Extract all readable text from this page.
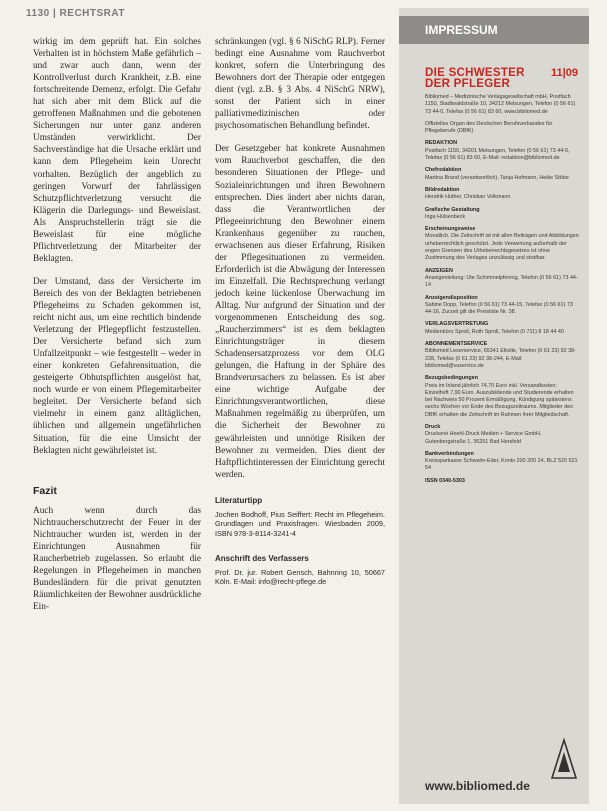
1130 | RECHTSRAT

wirkig im dem geprüft hat. Ein solches Verhalten ist in höchstem Maße gefährlich – und zwar auch dann, wenn der Kontrollverlust durch Krankheit, z.B. eine fortschreitende Demenz, erfolgt. Die Gefahr hat sich aber mit dem Blick auf die getroffenen Maßnahmen und die gebotenen Sicherungen nur unter ganz anderen Umständen verwirklicht. Der Sachverständige hat die Ursache erklärt und kann dem Pflegeheim kein Unrecht vorhalten. Bezüglich der angeblich zu geringen Vorwurf der fahrlässigen Schutzpflichtverletzung versucht die Klägerin die Darlegungs- und Beweislast. Als Anspruchstellerin trägt sie die Beweislast für eine mögliche Pflichtverletzung der Mitarbeiter der Beklagten.

Der Umstand, dass der Versicherte im Bereich des von der Beklagten betriebenen Pflegeheims zu Schaden gekommen ist, reicht nicht aus, um eine rechtlich bindende Verletzung der Pflegepflicht festzustellen. Der Versicherte befand sich zum Unfallzeitpunkt – wie festgestellt – weder in einer konkreten Gefahrensituation, die gesteigerte Obhutspflichten ausgelöst hat, noch wurde er von einem Pflegemitarbeiter begleitet. Der Versicherte befand sich vielmehr in einem ganz alltäglichen, üblichen und allgemein ungefährlichen Situation, für die eine Umsicht der Beklagten nicht gewährleistet ist.

Fazit

Auch wenn durch das Nichtraucherschutzrecht der Feuer in der Nichtraucher wurden ist, werden in der Einrichtungen Ausnahmen für Raucherbetrieb zugelassen. So erlaubt die Regelungen in Pflegeheimen in manchen Bundesländern für die privat genutzten Räumlichkeiten der Bewohner ausdrückliche Ein-

schränkungen (vgl. § 6 NiSchG RLP). Ferner bedingt eine Ausnahme vom Rauchverbot konkret, sofern die Unterbringung des Bewohners dort der Therapie oder entgegen dient (vgl. z.B. § 3 Abs. 4 NiSchG NRW), sonst der Patient sich in einer palliativmedizinischen oder psychosomatischen Behandlung befindet.

Der Gesetzgeber hat konkrete Ausnahmen vom Rauchverbot geschaffen, die den besonderen Situationen der Pflege- und Sozialeinrichtungen und ihren Bewohnern entsprechen. Dies ändert aber nichts daran, dass die Verantwortlichen der Pflegeeinrichtung den Bewohner einem Krankenhaus gegenüber zu rauchen, erwachsenen aus dieser Erfahrung, Risiken der Pflegesituationen zu vermeiden. Erforderlich ist die Abwägung der Interessen im Einzelfall. Die Rechtsprechung verlangt jedoch keine lückenlose Überwachung im Alltag. Nur aufgrund der Situation und der vorgenommenen Entscheidung des sog. „Raucherzimmers“ ist es dem beklagten Einrichtungsträger in diesem Schadensersatzprozess vor dem OLG gelungen, die Haftung in der Sphäre des Brandverursachers zu belassen. Es ist aber eine wichtige Aufgabe der Einrichtungsverantwortlichen, diese Maßnahmen regelmäßig zu überprüfen, um die Sicherheit der Bewohner zu gewährleisten und unnötige Risiken der Bewohner zu vermeiden. Dies dient der Haftpflichtinteressen der Einrichtung gerecht werden.

Literaturtipp

Jochen Bodhoff, Pius Seiffert: Recht im Pflegeheim. Grundlagen und Praxisfragen. Wiesbaden 2009, ISBN 978-3-8114-3241-4

Anschrift des Verfassers

Prof. Dr. jur. Robert Gensch, Bahnring 10, 50667 Köln. E-Mail: info@recht-pflege.de

IMPRESSUM
DIE SCHWESTER
DER PFLEGER
11|09

Bibliomed – Medizinische Verlagsgesellschaft mbH, Postfach 1150, Stadtwaldstraße 10, 34212 Melsungen, Telefon (0 56 61) 73 44-0, Telefax (0 56 61) 83 60, www.bibliomed.de

Offizielles Organ des Deutschen Berufsverbandes für Pflegeberufe (DBfK)

REDAKTION

Postfach 1150, 34201 Melsungen, Telefon (0 56 61) 73 44-0, Telefax (0 56 61) 83 60, E-Mail: redaktion@bibliomed.de

Chefredaktion

Martina Brand (verantwortlich), Tanja Hofmann, Heike Stöbe

Bildredaktion

Hendrik Hüther, Christian Volkmann

Grafische Gestaltung

Inga Hülsenbeck

Erscheinungsweise

Monatlich. Die Zeitschrift ist mit allen Beiträgen und Abbildungen urheberrechtlich geschützt. Jede Verwertung außerhalb der engen Grenzen des Urheberrechtsgesetzes ist ohne Zustimmung des Verlages unzulässig und strafbar.

ANZEIGEN

Anzeigenleitung: Ute Schimmelpfennig, Telefon (0 56 61) 73 44-14

Anzeigendisposition

Sabine Dopp, Telefon (0 56 61) 73 44-15, Telefax (0 56 61) 73 44-16, Zurzeit gilt die Preisliste Nr. 38.

VERLAGSVERTRETUNG

Medienbüro Sproll, Ruth Sproll, Telefon (0 711) 8 18 44 40

ABONNEMENTSERVICE

Bibliomed Leserservice, 65341 Eltville, Telefon (0 61 23) 92 38-228, Telefax (0 61 23) 92 38-244, E-Mail: bibliomed@vuservice.de

Bezugsbedingungen

Preis im Inland jährlich 74,70 Euro inkl. Versandkosten; Einzelheft 7,90 Euro. Auszubildende und Studierende erhalten bei Nachweis 50 Prozent Ermäßigung. Kündigung spätestens sechs Wochen vor Ende des Bezugszeitraums. Mitglieder des DBfK erhalten die Zeitschrift im Rahmen ihrer Mitgliedschaft.

Druck

Druckerei Hoehl-Druck Medien + Service GmbH, Gutenbergstraße 1, 36251 Bad Hersfeld

Bankverbindungen

Kreissparkasse Schwalm-Eder, Konto 200 200 24, BLZ 520 521 54

ISSN 0340-5303
www.bibliomed.de
